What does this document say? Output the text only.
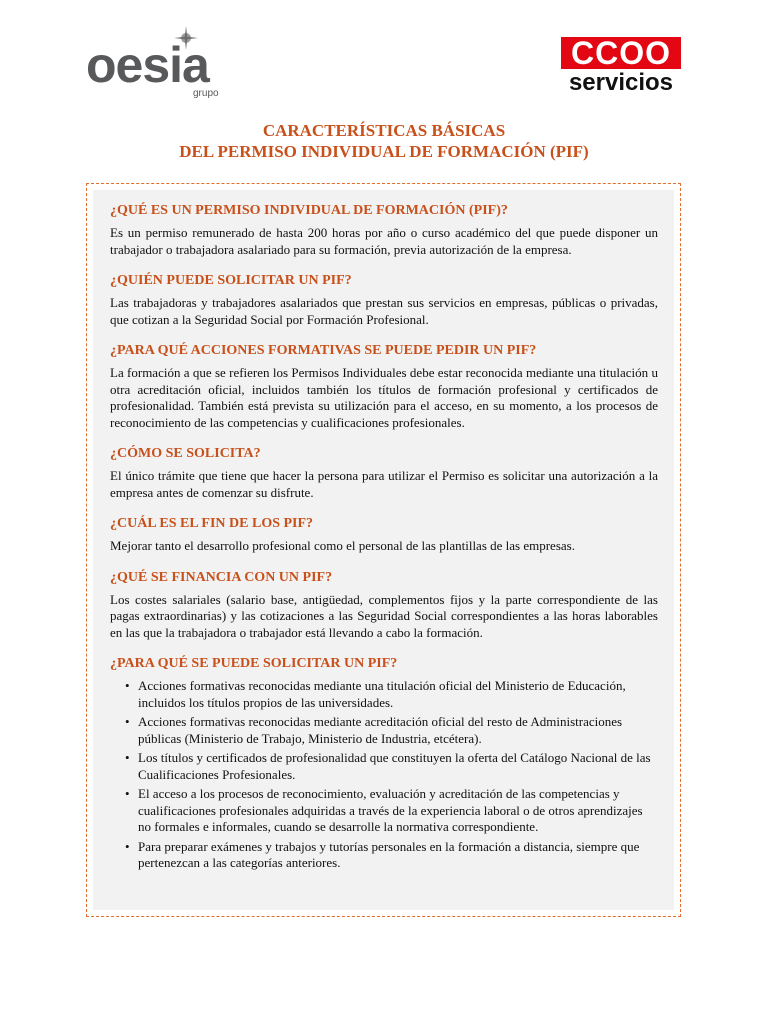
oesia
grupo
CCOO
servicios
CARACTERÍSTICAS BÁSICAS
DEL PERMISO INDIVIDUAL DE FORMACIÓN (PIF)
¿QUÉ ES UN PERMISO INDIVIDUAL DE FORMACIÓN (PIF)?

Es un permiso remunerado de hasta 200 horas por año o curso académico del que puede disponer un trabajador o trabajadora asalariado para su formación, previa autorización de la empresa.

¿QUIÉN PUEDE SOLICITAR UN PIF?

Las trabajadoras y trabajadores asalariados que prestan sus servicios en empresas, públicas o privadas, que cotizan a la Seguridad Social por Formación Profesional.

¿PARA QUÉ ACCIONES FORMATIVAS SE PUEDE PEDIR UN PIF?

La formación a que se refieren los Permisos Individuales debe estar reconocida mediante una titulación u otra acreditación oficial, incluidos también los títulos de formación profesional y certificados de profesionalidad. También está prevista su utilización para el acceso, en su momento, a los procesos de reconocimiento de las competencias y cualificaciones profesionales.

¿CÓMO SE SOLICITA?

El único trámite que tiene que hacer la persona para utilizar el Permiso es solicitar una autorización a la empresa antes de comenzar su disfrute.

¿CUÁL ES EL FIN DE LOS PIF?

Mejorar tanto el desarrollo profesional como el personal de las plantillas de las empresas.

¿QUÉ SE FINANCIA CON UN PIF?

Los costes salariales (salario base, antigüedad, complementos fijos y la parte correspondiente de las pagas extraordinarias) y las cotizaciones a las Seguridad Social correspondientes a las horas laborables en las que la trabajadora o trabajador está llevando a cabo la formación.

¿PARA QUÉ SE PUEDE SOLICITAR UN PIF?
• Acciones formativas reconocidas mediante una titulación oficial del Ministerio de Educación, incluidos los títulos propios de las universidades.
• Acciones formativas reconocidas mediante acreditación oficial del resto de Administraciones públicas (Ministerio de Trabajo, Ministerio de Industria, etcétera).
• Los títulos y certificados de profesionalidad que constituyen la oferta del Catálogo Nacional de las Cualificaciones Profesionales.
• El acceso a los procesos de reconocimiento, evaluación y acreditación de las competencias y cualificaciones profesionales adquiridas a través de la experiencia laboral o de otros aprendizajes no formales e informales, cuando se desarrolle la normativa correspondiente.
• Para preparar exámenes y trabajos y tutorías personales en la formación a distancia, siempre que pertenezcan a las categorías anteriores.
